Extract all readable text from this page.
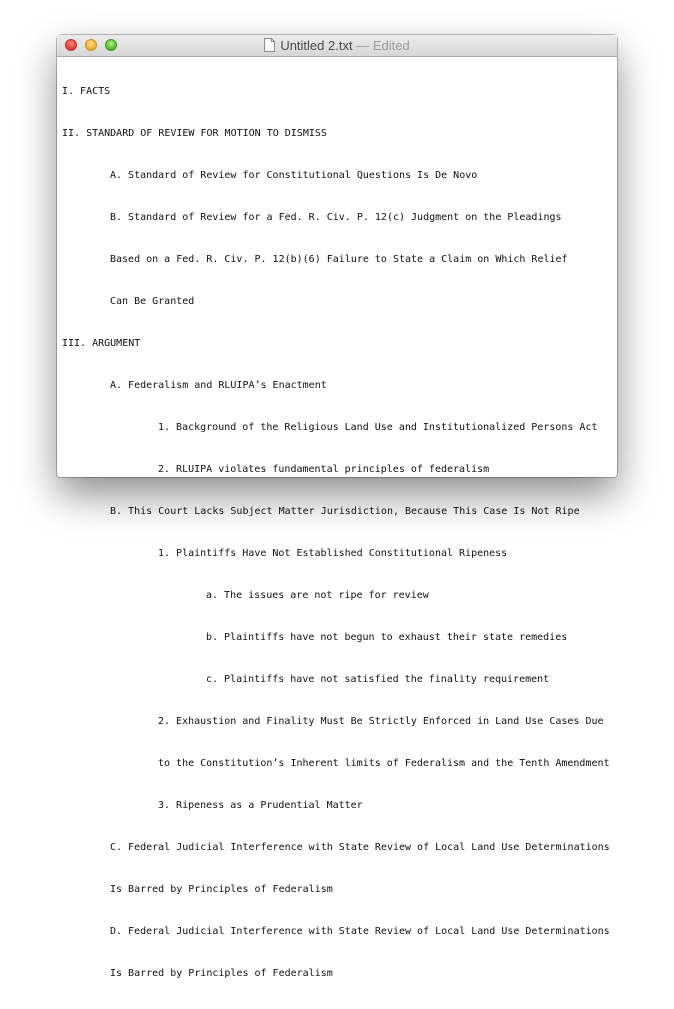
Untitled 2.txt — Edited

I. FACTS

II. STANDARD OF REVIEW FOR MOTION TO DISMISS

A. Standard of Review for Constitutional Questions Is De Novo

B. Standard of Review for a Fed. R. Civ. P. 12(c) Judgment on the Pleadings

Based on a Fed. R. Civ. P. 12(b)(6) Failure to State a Claim on Which Relief

Can Be Granted

III. ARGUMENT

A. Federalism and RLUIPA’s Enactment

1. Background of the Religious Land Use and Institutionalized Persons Act

2. RLUIPA violates fundamental principles of federalism

B. This Court Lacks Subject Matter Jurisdiction, Because This Case Is Not Ripe

1. Plaintiffs Have Not Established Constitutional Ripeness

a. The issues are not ripe for review

b. Plaintiffs have not begun to exhaust their state remedies

c. Plaintiffs have not satisfied the finality requirement

2. Exhaustion and Finality Must Be Strictly Enforced in Land Use Cases Due

to the Constitution’s Inherent limits of Federalism and the Tenth Amendment

3. Ripeness as a Prudential Matter

C. Federal Judicial Interference with State Review of Local Land Use Determinations

Is Barred by Principles of Federalism

D. Federal Judicial Interference with State Review of Local Land Use Determinations

Is Barred by Principles of Federalism
